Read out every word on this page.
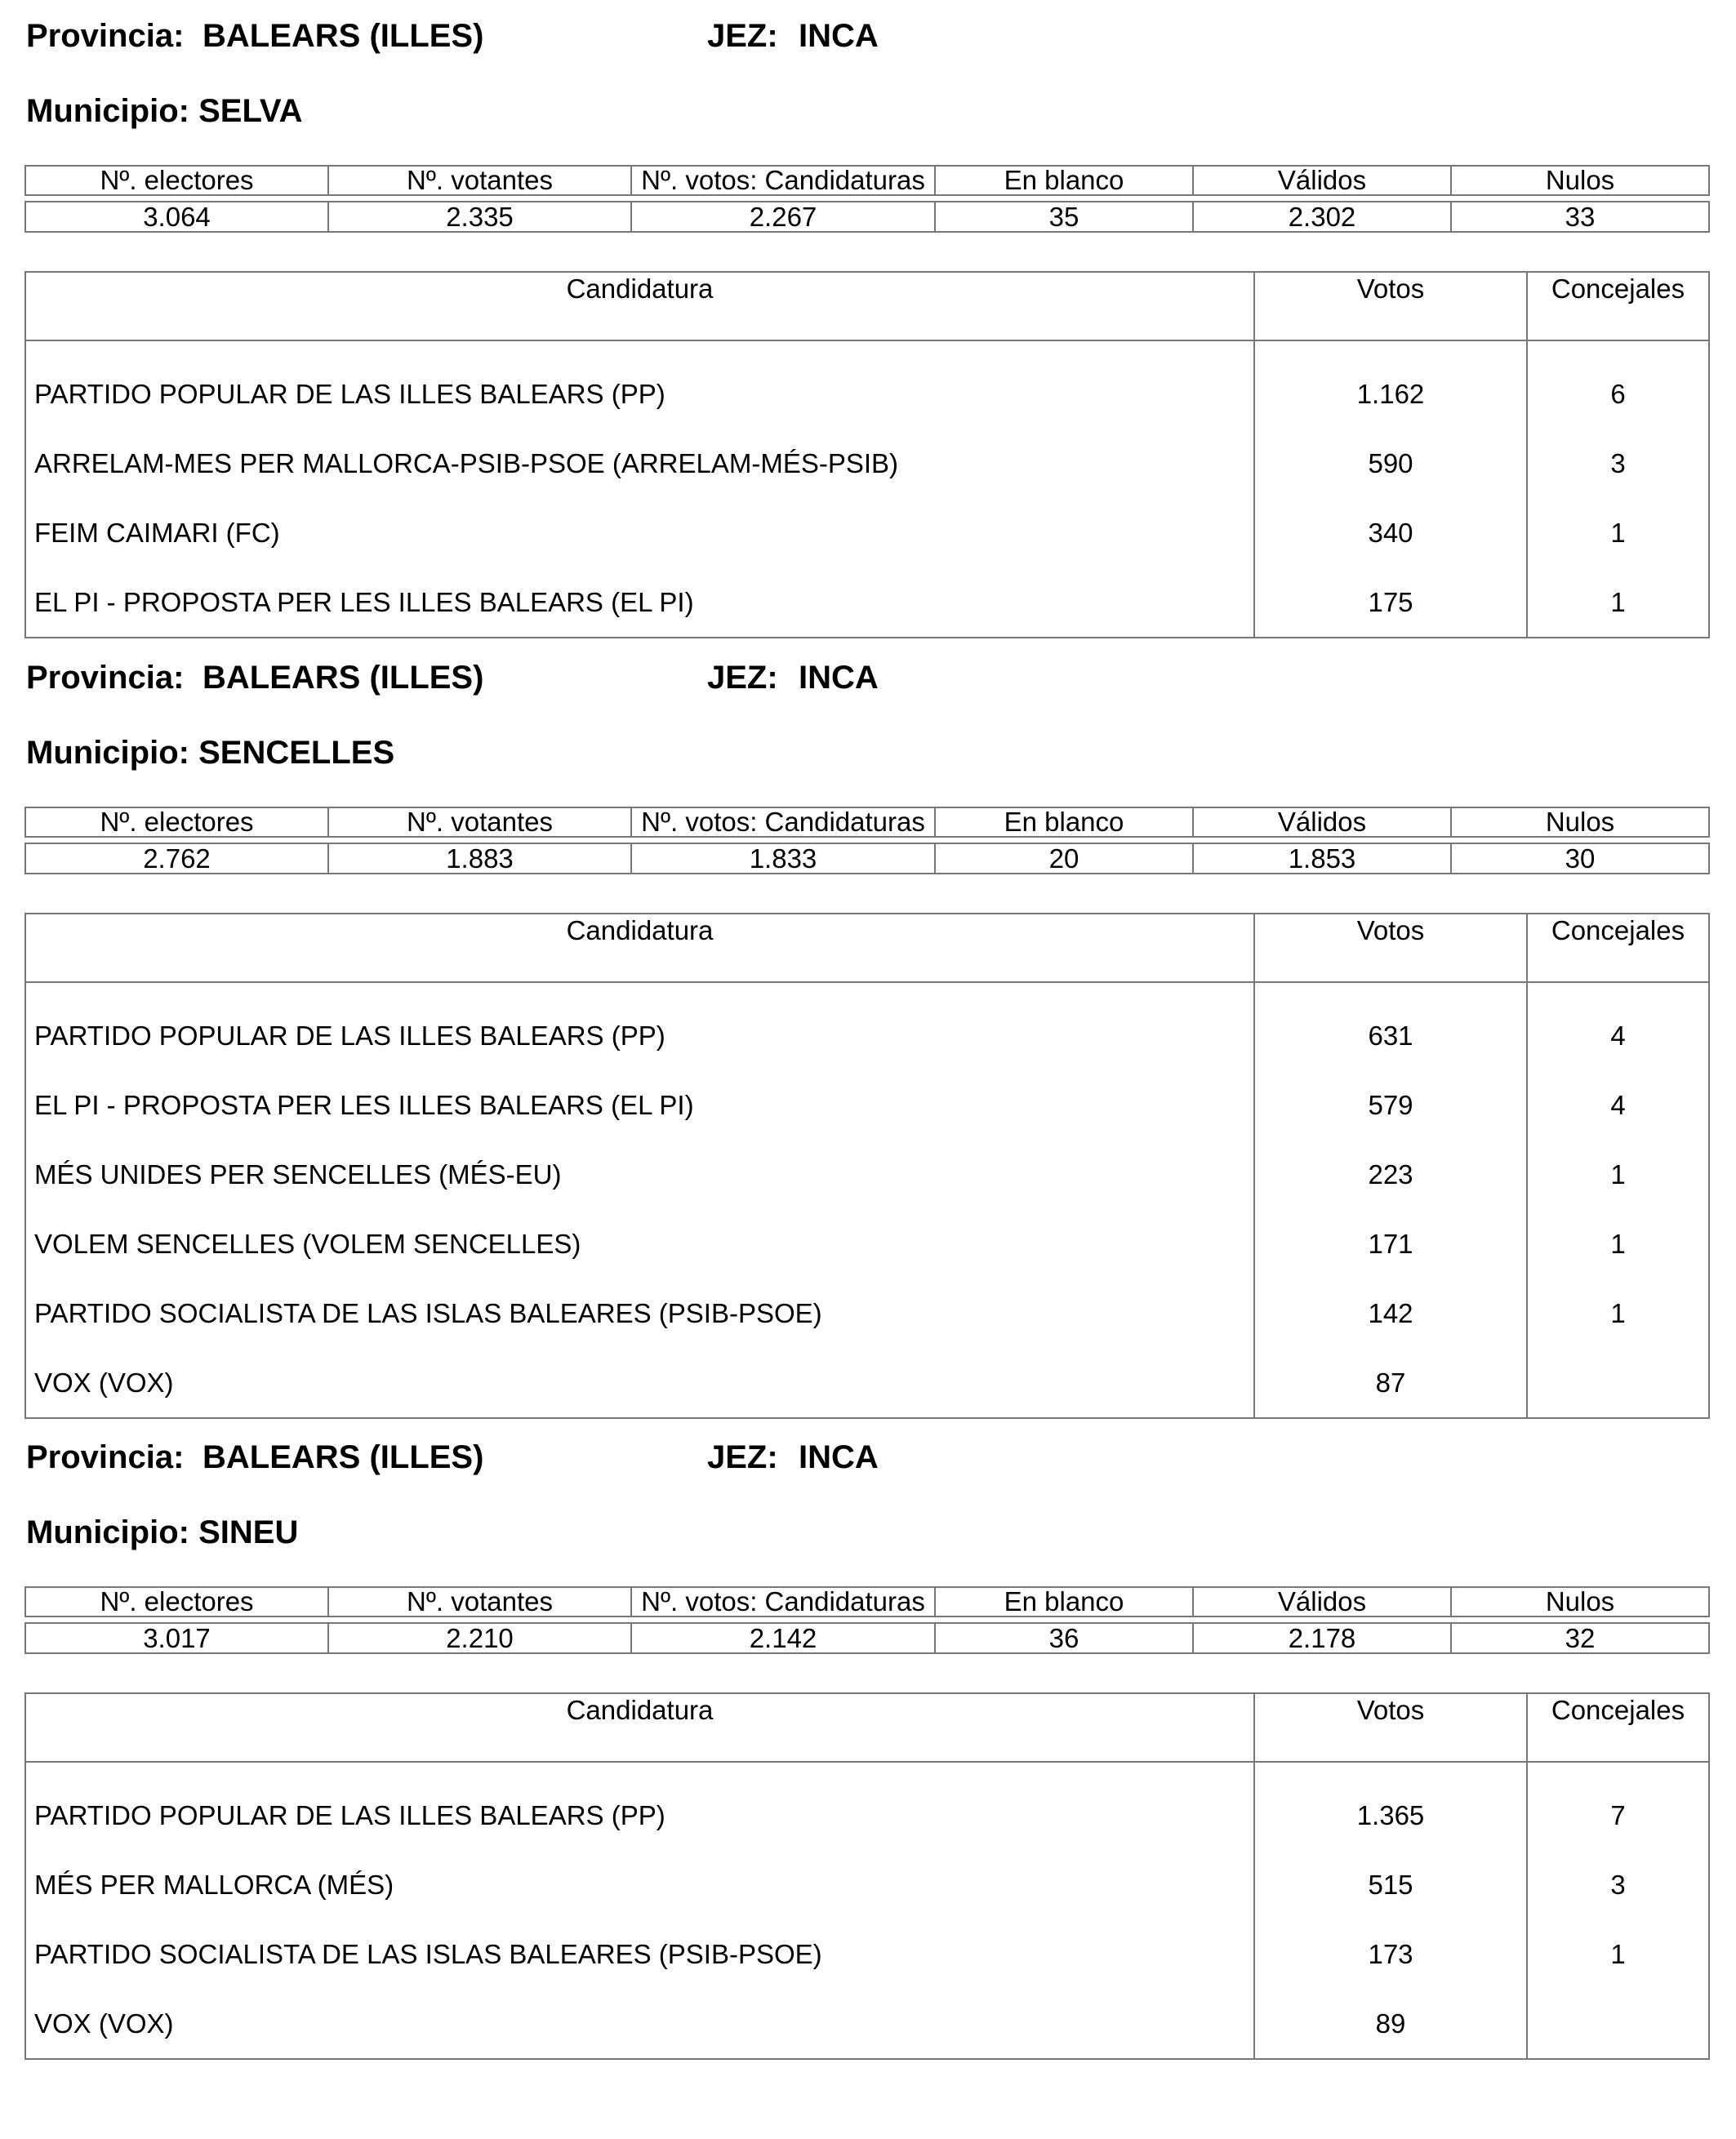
Provincia: BALEARS (ILLES)	JEZ: INCA
Municipio: SELVA
Nº. electores	Nº. votantes	Nº. votos: Candidaturas	En blanco	Válidos	Nulos
3.064	2.335	2.267	35	2.302	33
Candidatura	Votos	Concejales
PARTIDO POPULAR DE LAS ILLES BALEARS (PP)	1.162	6
ARRELAM-MES PER MALLORCA-PSIB-PSOE (ARRELAM-MÉS-PSIB)	590	3
FEIM CAIMARI (FC)	340	1
EL PI - PROPOSTA PER LES ILLES BALEARS (EL PI)	175	1
Provincia: BALEARS (ILLES)	JEZ: INCA
Municipio: SENCELLES
Nº. electores	Nº. votantes	Nº. votos: Candidaturas	En blanco	Válidos	Nulos
2.762	1.883	1.833	20	1.853	30
Candidatura	Votos	Concejales
PARTIDO POPULAR DE LAS ILLES BALEARS (PP)	631	4
EL PI - PROPOSTA PER LES ILLES BALEARS (EL PI)	579	4
MÉS UNIDES PER SENCELLES (MÉS-EU)	223	1
VOLEM SENCELLES (VOLEM SENCELLES)	171	1
PARTIDO SOCIALISTA DE LAS ISLAS BALEARES (PSIB-PSOE)	142	1
VOX (VOX)	87	
Provincia: BALEARS (ILLES)	JEZ: INCA
Municipio: SINEU
Nº. electores	Nº. votantes	Nº. votos: Candidaturas	En blanco	Válidos	Nulos
3.017	2.210	2.142	36	2.178	32
Candidatura	Votos	Concejales
PARTIDO POPULAR DE LAS ILLES BALEARS (PP)	1.365	7
MÉS PER MALLORCA (MÉS)	515	3
PARTIDO SOCIALISTA DE LAS ISLAS BALEARES (PSIB-PSOE)	173	1
VOX (VOX)	89	
